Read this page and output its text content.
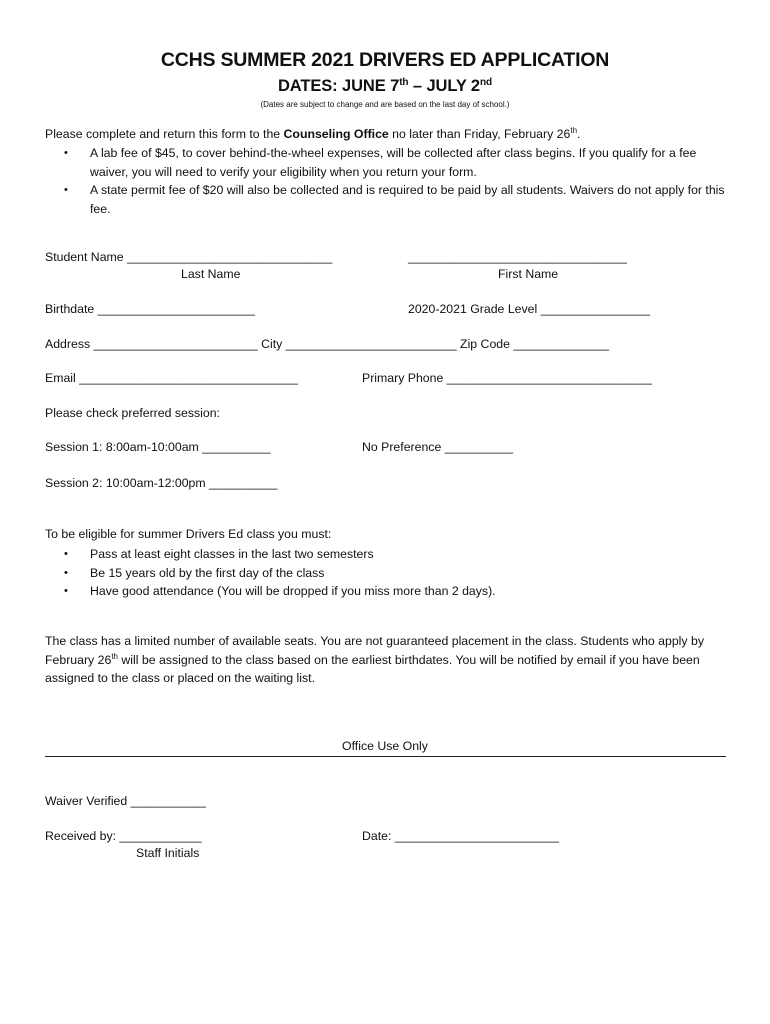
CCHS SUMMER 2021 DRIVERS ED APPLICATION
DATES: JUNE 7th – JULY 2nd
(Dates are subject to change and are based on the last day of school.)
Please complete and return this form to the Counseling Office no later than Friday, February 26th.
• A lab fee of $45, to cover behind-the-wheel expenses, will be collected after class begins. If you qualify for a fee waiver, you will need to verify your eligibility when you return your form.
• A state permit fee of $20 will also be collected and is required to be paid by all students. Waivers do not apply for this fee.
Student Name ______________________________	________________________________
Last Name	First Name
Birthdate _______________________	2020-2021 Grade Level ________________
Address ________________________ City _________________________ Zip Code ______________
Email ________________________________	Primary Phone ______________________________
Please check preferred session:
Session 1: 8:00am-10:00am __________	No Preference __________
Session 2: 10:00am-12:00pm __________
To be eligible for summer Drivers Ed class you must:
• Pass at least eight classes in the last two semesters
• Be 15 years old by the first day of the class
• Have good attendance (You will be dropped if you miss more than 2 days).
The class has a limited number of available seats. You are not guaranteed placement in the class. Students who apply by February 26th will be assigned to the class based on the earliest birthdates. You will be notified by email if you have been assigned to the class or placed on the waiting list.
Office Use Only
Waiver Verified ___________
Received by: ____________	Date: ________________________
Staff Initials
